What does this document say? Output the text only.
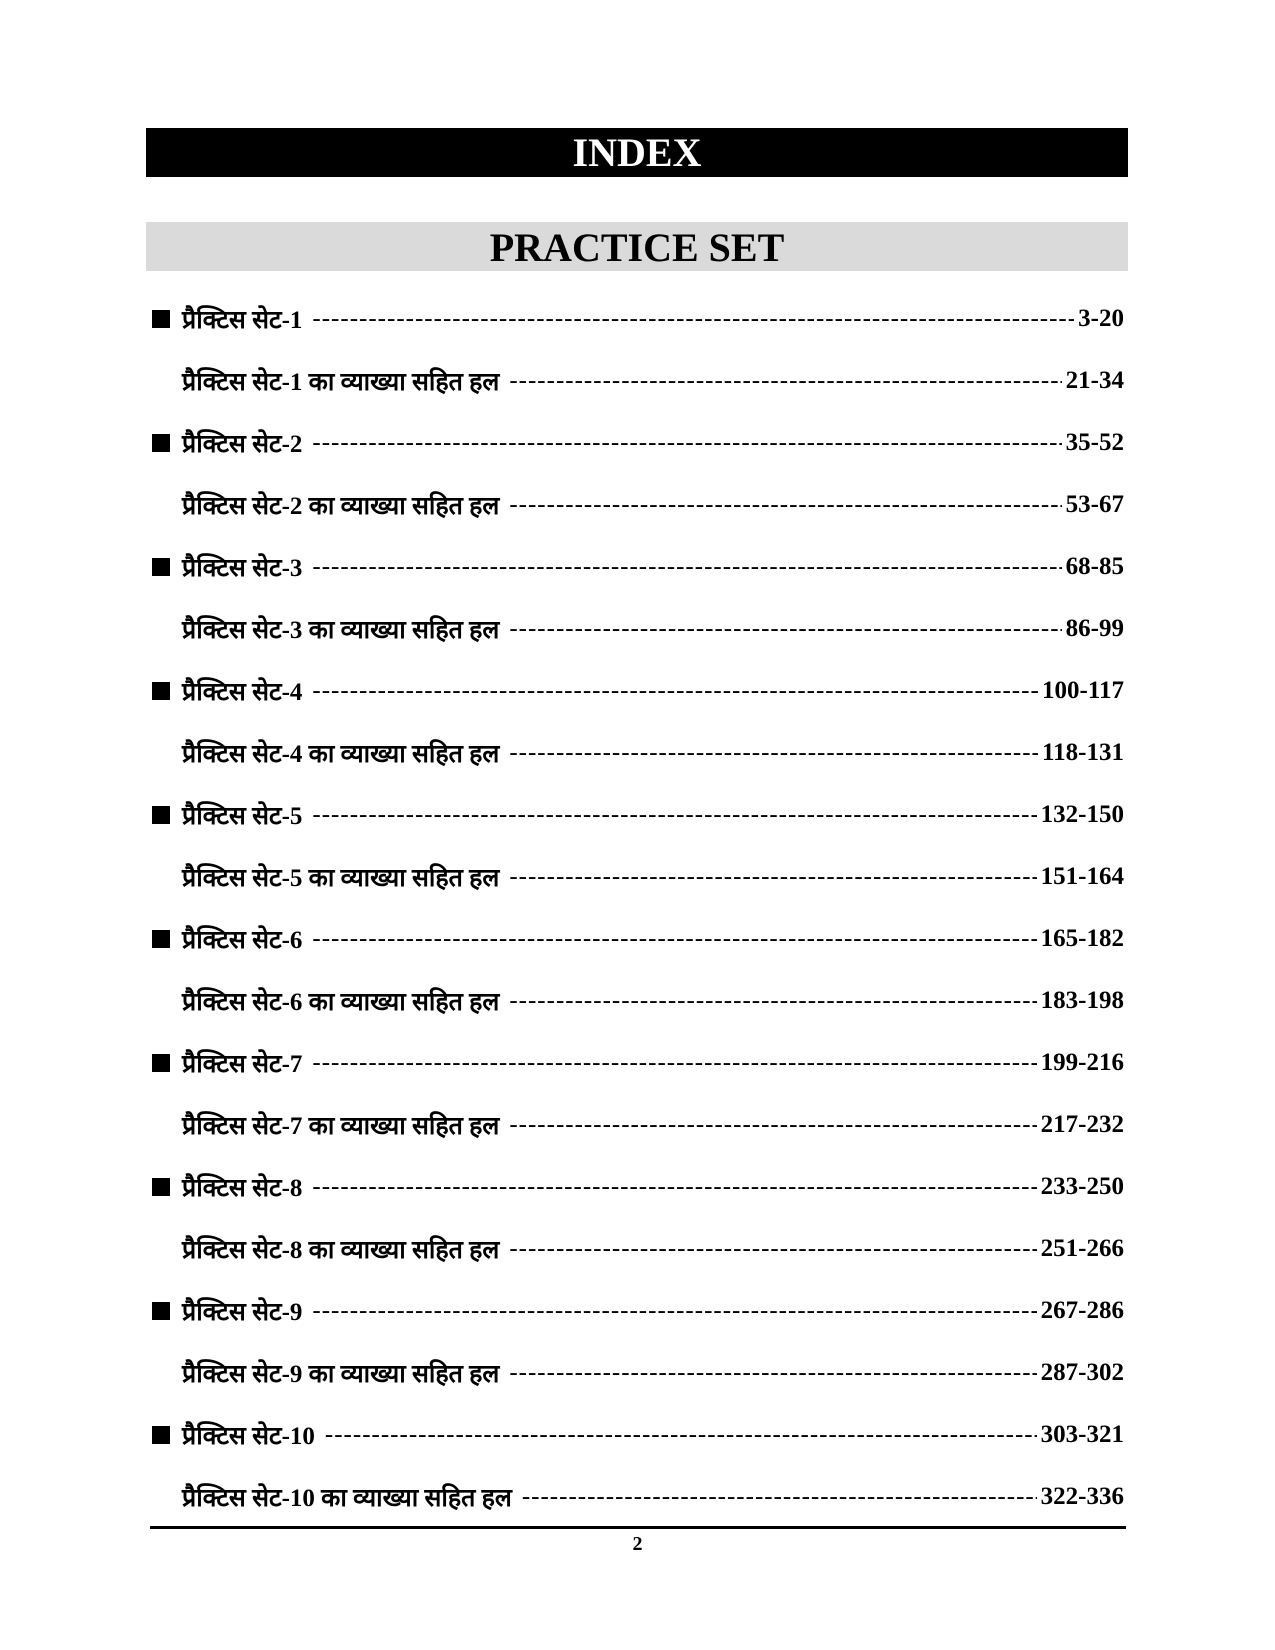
INDEX
PRACTICE SET
प्रैक्टिस सेट-1 -----	3-20
प्रैक्टिस सेट-1 का व्याख्या सहित हल -----	21-34
प्रैक्टिस सेट-2 -----	35-52
प्रैक्टिस सेट-2 का व्याख्या सहित हल -----	53-67
प्रैक्टिस सेट-3 -----	68-85
प्रैक्टिस सेट-3 का व्याख्या सहित हल -----	86-99
प्रैक्टिस सेट-4 -----	100-117
प्रैक्टिस सेट-4 का व्याख्या सहित हल -----	118-131
प्रैक्टिस सेट-5 -----	132-150
प्रैक्टिस सेट-5 का व्याख्या सहित हल -----	151-164
प्रैक्टिस सेट-6 -----	165-182
प्रैक्टिस सेट-6 का व्याख्या सहित हल -----	183-198
प्रैक्टिस सेट-7 -----	199-216
प्रैक्टिस सेट-7 का व्याख्या सहित हल -----	217-232
प्रैक्टिस सेट-8 -----	233-250
प्रैक्टिस सेट-8 का व्याख्या सहित हल -----	251-266
प्रैक्टिस सेट-9 -----	267-286
प्रैक्टिस सेट-9 का व्याख्या सहित हल -----	287-302
प्रैक्टिस सेट-10 -----	303-321
प्रैक्टिस सेट-10 का व्याख्या सहित हल -----	322-336
2
